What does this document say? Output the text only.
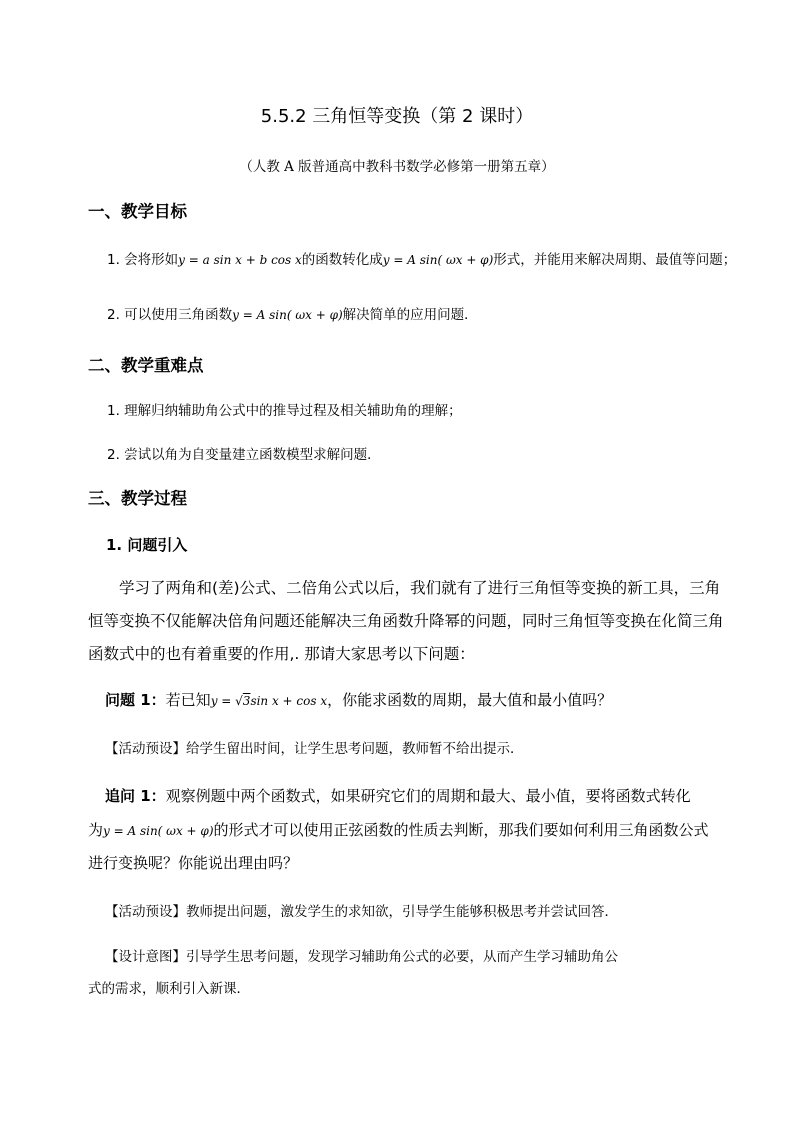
5.5.2 三角恒等变换（第 2 课时）
（人教 A 版普通高中教科书数学必修第一册第五章）
一、教学目标
1. 会将形如y = a sin x + b cos x的函数转化成y = A sin( ωx + φ)形式，并能用来解决周期、最值等问题；
2. 可以使用三角函数y = A sin( ωx + φ)解决简单的应用问题．
二、教学重难点
1. 理解归纳辅助角公式中的推导过程及相关辅助角的理解；
2. 尝试以角为自变量建立函数模型求解问题．
三、教学过程
1. 问题引入
学习了两角和(差)公式、二倍角公式以后，我们就有了进行三角恒等变换的新工具，三角恒等变换不仅能解决倍角问题还能解决三角函数升降幂的问题，同时三角恒等变换在化简三角函数式中的也有着重要的作用,. 那请大家思考以下问题：
问题 1：若已知y = √3sin x + cos x，你能求函数的周期，最大值和最小值吗？
【活动预设】给学生留出时间，让学生思考问题，教师暂不给出提示．
追问 1：观察例题中两个函数式，如果研究它们的周期和最大、最小值，要将函数式转化
为y = A sin( ωx + φ)的形式才可以使用正弦函数的性质去判断，那我们要如何利用三角函数公式
进行变换呢？你能说出理由吗？
【活动预设】教师提出问题，激发学生的求知欲，引导学生能够积极思考并尝试回答．
【设计意图】引导学生思考问题，发现学习辅助角公式的必要，从而产生学习辅助角公
式的需求，顺利引入新课．
